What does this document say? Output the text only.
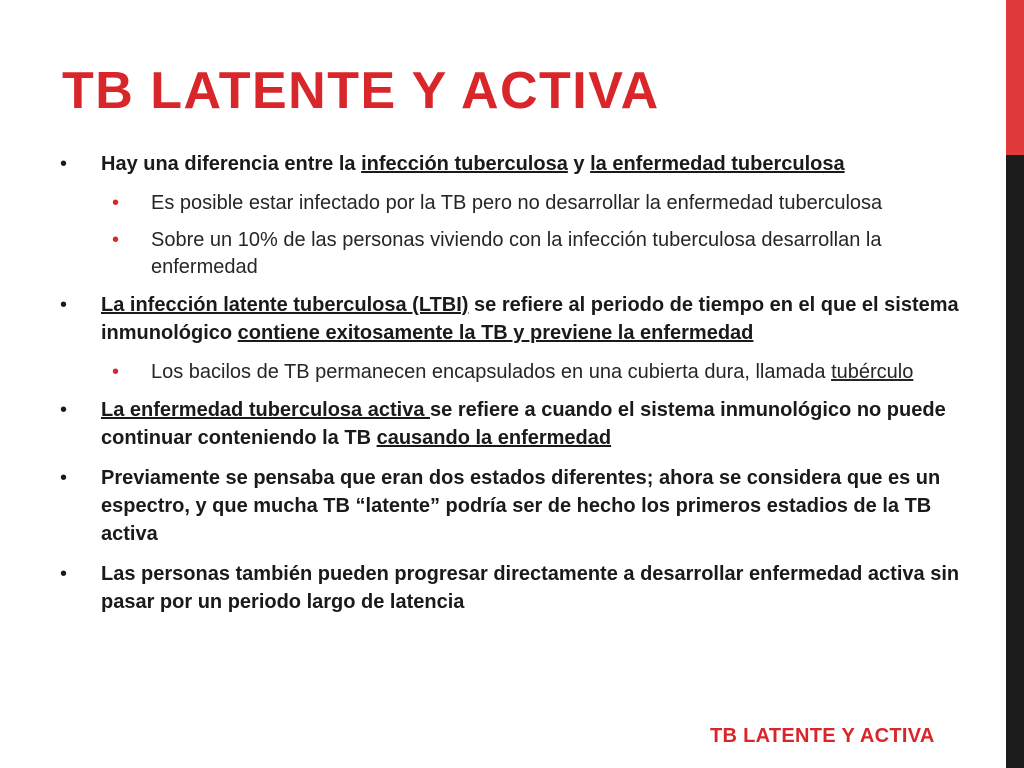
TB LATENTE Y ACTIVA
• Hay una diferencia entre la infección tuberculosa y la enfermedad tuberculosa
• Es posible estar infectado por la TB pero no desarrollar la enfermedad tuberculosa
• Sobre un 10% de las personas viviendo con la infección tuberculosa desarrollan la enfermedad
• La infección latente tuberculosa (LTBI) se refiere al periodo de tiempo en el que el sistema inmunológico contiene exitosamente la TB y previene la enfermedad
• Los bacilos de TB permanecen encapsulados en una cubierta dura, llamada tubérculo
• La enfermedad tuberculosa activa se refiere a cuando el sistema inmunológico no puede continuar conteniendo la TB causando la enfermedad
• Previamente se pensaba que eran dos estados diferentes; ahora se considera que es un espectro, y que mucha TB “latente” podría ser de hecho los primeros estadios de la TB activa
• Las personas también pueden progresar directamente a desarrollar enfermedad activa sin pasar por un periodo largo de latencia
TB LATENTE Y ACTIVA
